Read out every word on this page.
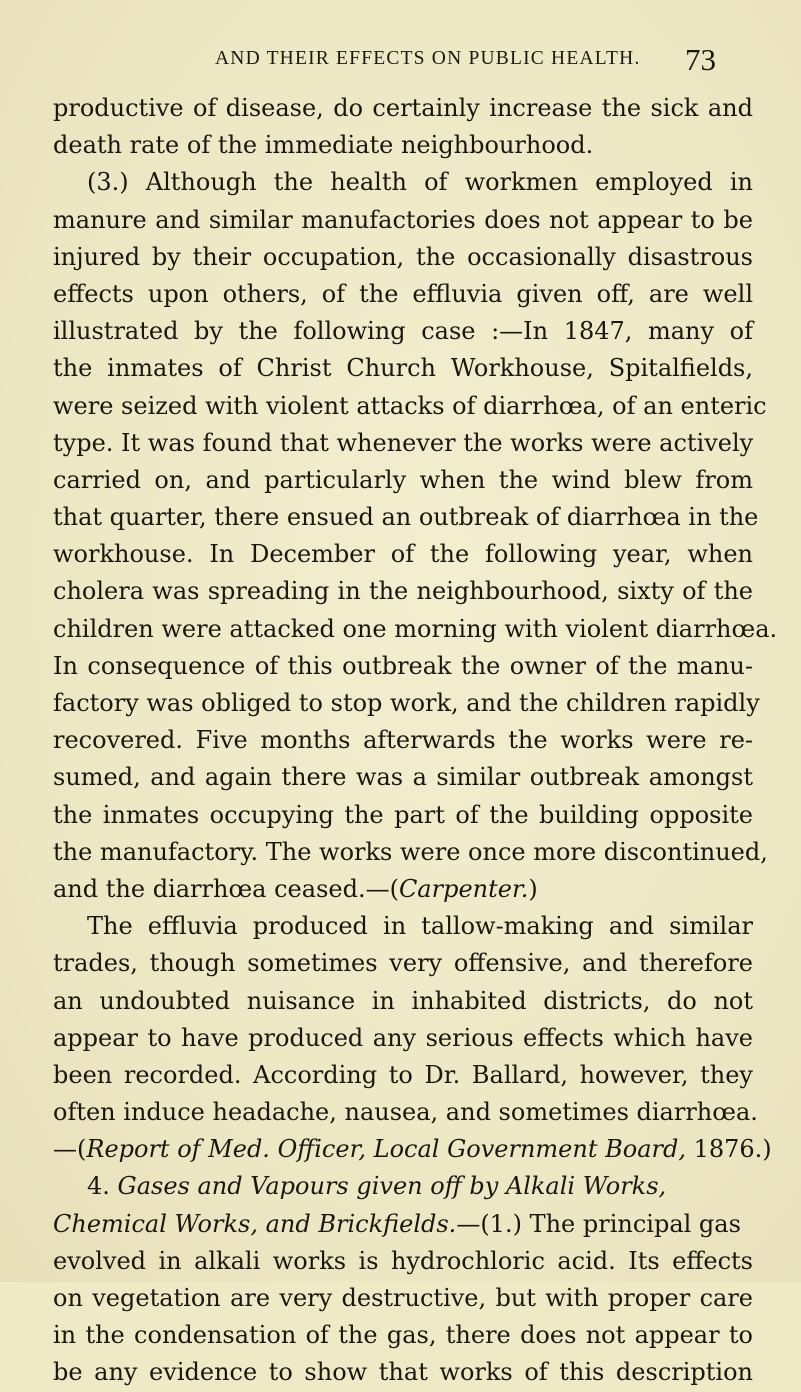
AND THEIR EFFECTS ON PUBLIC HEALTH. 73
productive of disease, do certainly increase the sick and
death rate of the immediate neighbourhood.
(3.) Although the health of workmen employed in
manure and similar manufactories does not appear to be
injured by their occupation, the occasionally disastrous
effects upon others, of the effluvia given off, are well
illustrated by the following case :—In 1847, many of
the inmates of Christ Church Workhouse, Spitalfields,
were seized with violent attacks of diarrhœa, of an enteric
type. It was found that whenever the works were actively
carried on, and particularly when the wind blew from
that quarter, there ensued an outbreak of diarrhœa in the
workhouse. In December of the following year, when
cholera was spreading in the neighbourhood, sixty of the
children were attacked one morning with violent diarrhœa.
In consequence of this outbreak the owner of the manu-
factory was obliged to stop work, and the children rapidly
recovered. Five months afterwards the works were re-
sumed, and again there was a similar outbreak amongst
the inmates occupying the part of the building opposite
the manufactory. The works were once more discontinued,
and the diarrhœa ceased.—(Carpenter.)
The effluvia produced in tallow-making and similar
trades, though sometimes very offensive, and therefore
an undoubted nuisance in inhabited districts, do not
appear to have produced any serious effects which have
been recorded. According to Dr. Ballard, however, they
often induce headache, nausea, and sometimes diarrhœa.
—(Report of Med. Officer, Local Government Board, 1876.)
4. Gases and Vapours given off by Alkali Works,
Chemical Works, and Brickfields.—(1.) The principal gas
evolved in alkali works is hydrochloric acid. Its effects
on vegetation are very destructive, but with proper care
in the condensation of the gas, there does not appear to
be any evidence to show that works of this description
